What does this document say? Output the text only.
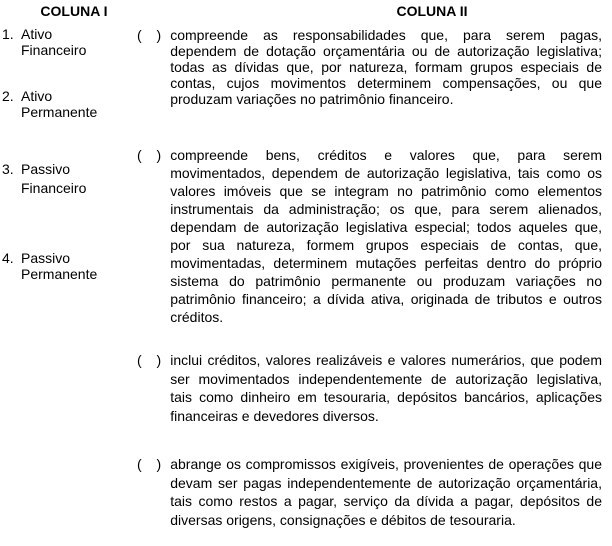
COLUNA I	COLUNA II
1. Ativo Financeiro
2. Ativo Permanente
3. Passivo Financeiro
4. Passivo Permanente
( ) compreende as responsabilidades que, para serem pagas, dependem de dotação orçamentária ou de autorização legislativa; todas as dívidas que, por natureza, formam grupos especiais de contas, cujos movimentos determinem compensações, ou que produzam variações no patrimônio financeiro.

( ) compreende bens, créditos e valores que, para serem movimentados, dependem de autorização legislativa, tais como os valores imóveis que se integram no patrimônio como elementos instrumentais da administração; os que, para serem alienados, dependam de autorização legislativa especial; todos aqueles que, por sua natureza, formem grupos especiais de contas, que, movimentadas, determinem mutações perfeitas dentro do próprio sistema do patrimônio permanente ou produzam variações no patrimônio financeiro; a dívida ativa, originada de tributos e outros créditos.

( ) inclui créditos, valores realizáveis e valores numerários, que podem ser movimentados independentemente de autorização legislativa, tais como dinheiro em tesouraria, depósitos bancários, aplicações financeiras e devedores diversos.

( ) abrange os compromissos exigíveis, provenientes de operações que devam ser pagas independentemente de autorização orçamentária, tais como restos a pagar, serviço da dívida a pagar, depósitos de diversas origens, consignações e débitos de tesouraria.
